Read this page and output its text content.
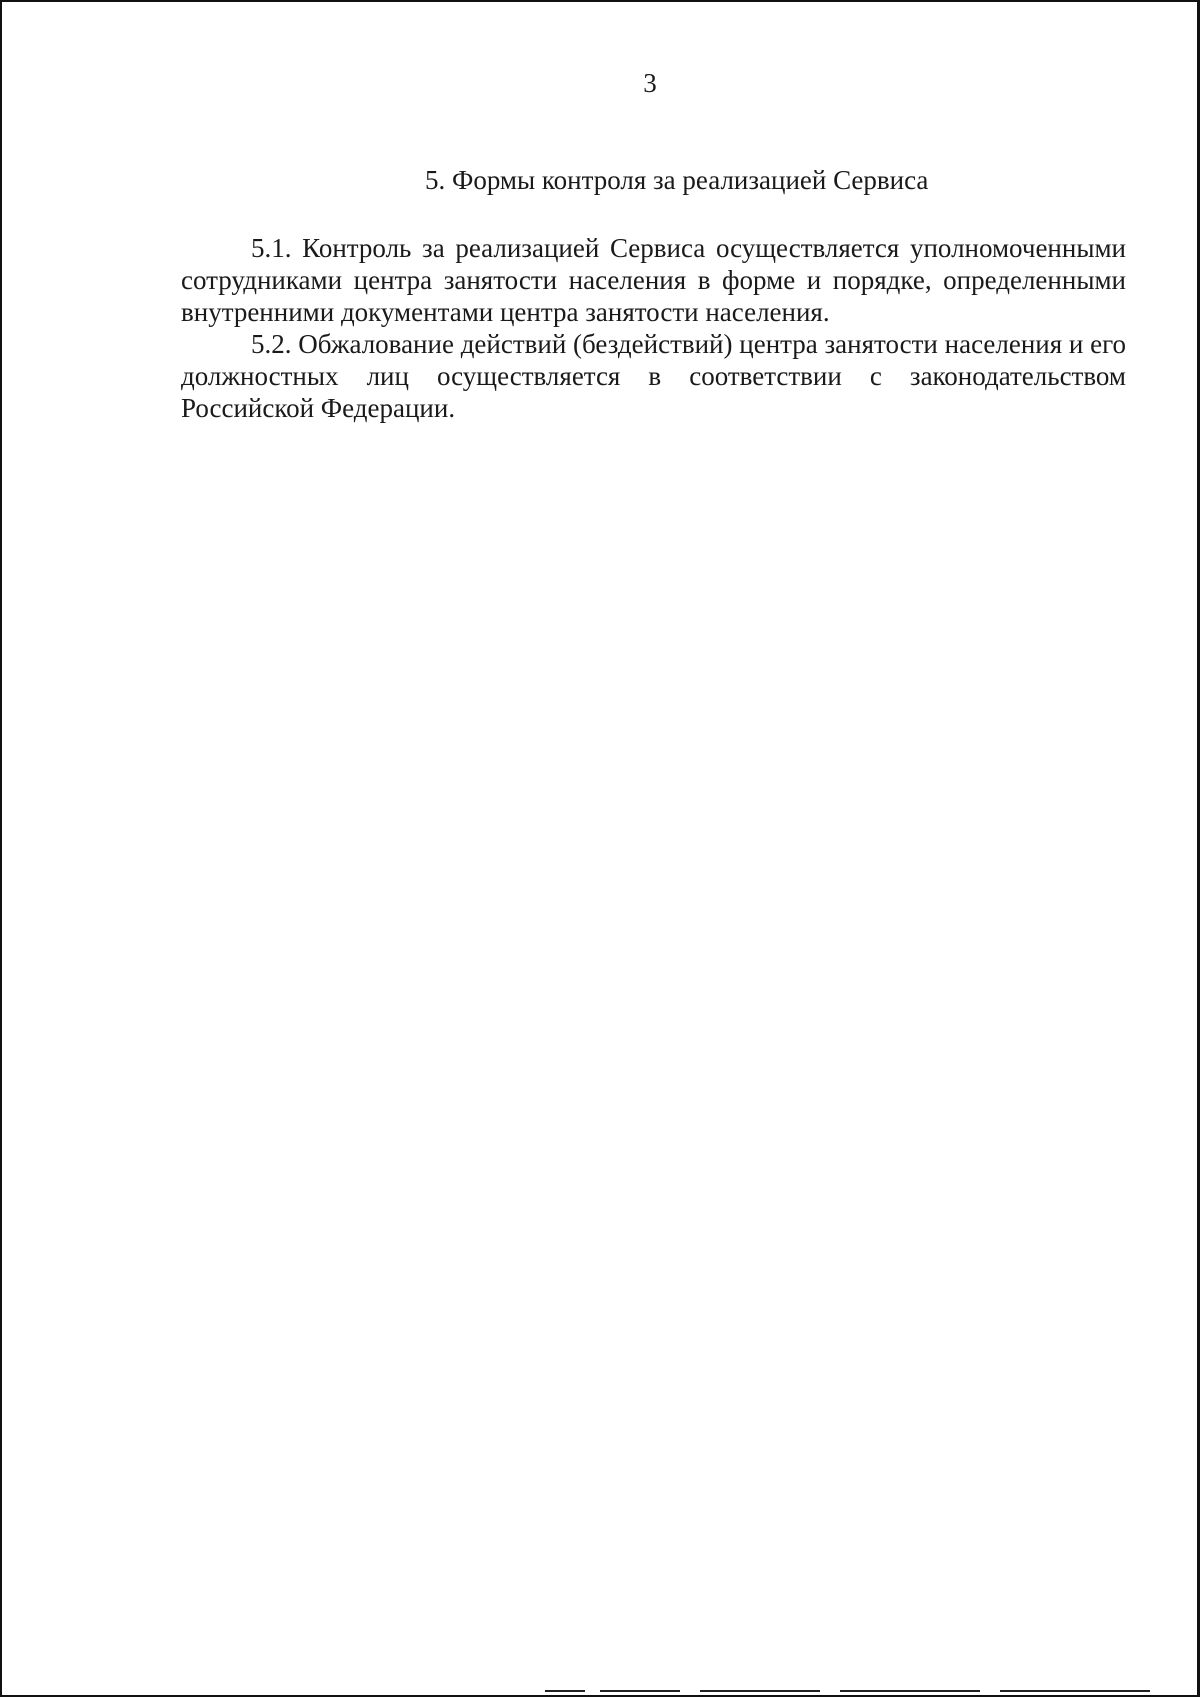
3

5. Формы контроля за реализацией Сервиса

5.1. Контроль за реализацией Сервиса осуществляется уполномоченными сотрудниками центра занятости населения в форме и порядке, определенными внутренними документами центра занятости населения.

5.2. Обжалование действий (бездействий) центра занятости населения и его должностных лиц осуществляется в соответствии с законодательством Российской Федерации.
